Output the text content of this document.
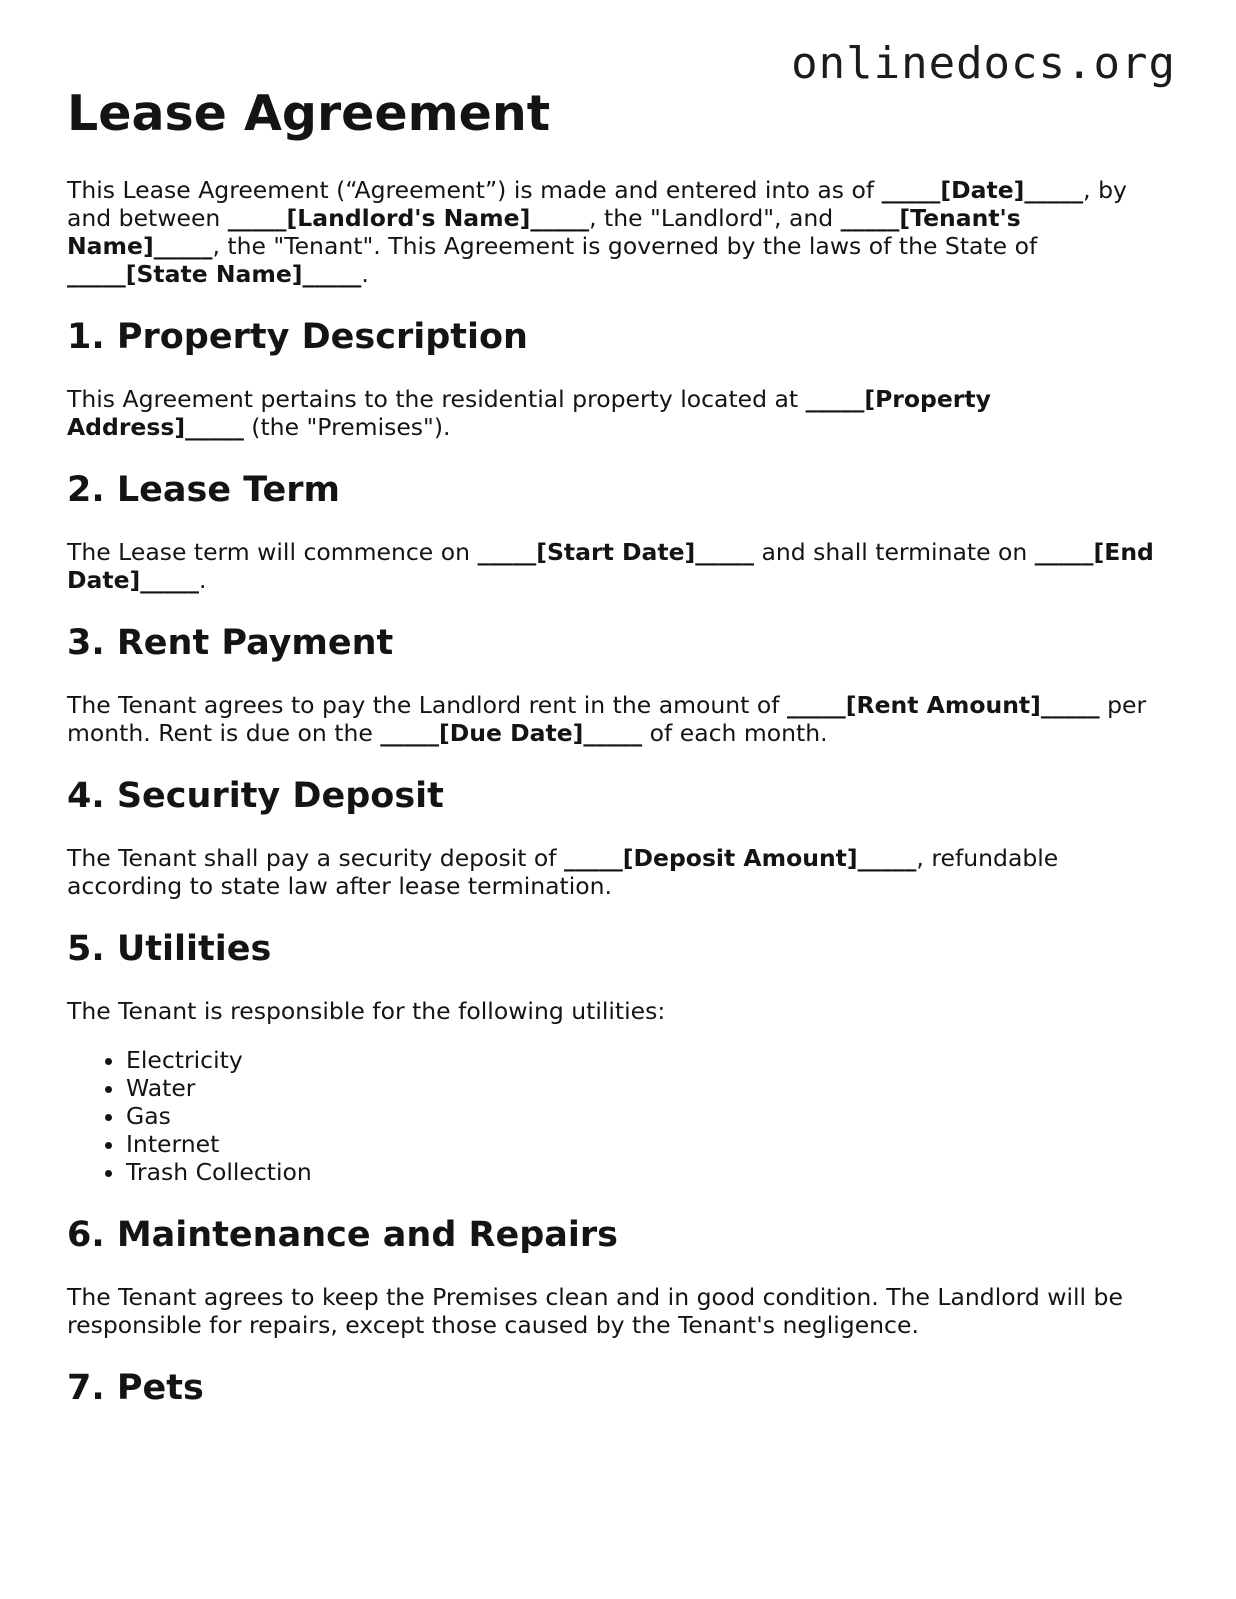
onlinedocs.org
Lease Agreement

This Lease Agreement (“Agreement”) is made and entered into as of _____[Date]_____, by and between _____[Landlord's Name]_____, the "Landlord", and _____[Tenant's Name]_____, the "Tenant". This Agreement is governed by the laws of the State of _____[State Name]_____.

1. Property Description

This Agreement pertains to the residential property located at _____[Property Address]_____ (the "Premises").

2. Lease Term

The Lease term will commence on _____[Start Date]_____ and shall terminate on _____[End Date]_____.

3. Rent Payment

The Tenant agrees to pay the Landlord rent in the amount of _____[Rent Amount]_____ per month. Rent is due on the _____[Due Date]_____ of each month.

4. Security Deposit

The Tenant shall pay a security deposit of _____[Deposit Amount]_____, refundable according to state law after lease termination.

5. Utilities

The Tenant is responsible for the following utilities:

• Electricity
• Water
• Gas
• Internet
• Trash Collection
6. Maintenance and Repairs

The Tenant agrees to keep the Premises clean and in good condition. The Landlord will be responsible for repairs, except those caused by the Tenant's negligence.

7. Pets
